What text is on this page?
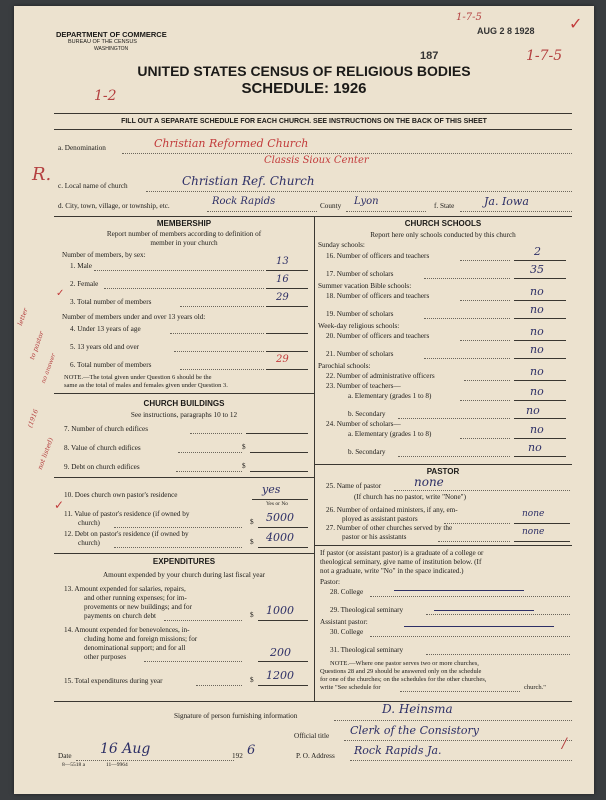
AUG 2 8 1928
187
1-7-5
1-7-5
1-2
✓
DEPARTMENT OF COMMERCE
BUREAU OF THE CENSUS
WASHINGTON
UNITED STATES CENSUS OF RELIGIOUS BODIES
SCHEDULE: 1926
FILL OUT A SEPARATE SCHEDULE FOR EACH CHURCH. SEE INSTRUCTIONS ON THE BACK OF THIS SHEET
a. Denomination	Christian Reformed Church
Classis Sioux Center
c. Local name of church	Christian Ref. Church
d. City, town, village, or township, etc.	Rock Rapids	County Lyon	f. State	Ja. Iowa
R.
MEMBERSHIP
Report number of members according to definition of
member in your church
Number of members, by sex:
1. Male	13
2. Female	16
3. Total number of members	29
Number of members under and over 13 years old:
4. Under 13 years of age
5. 13 years old and over
6. Total number of members	29
NOTE.—The total given under Question 6 should be the
same as the total of males and females given under Question 3.
letter
to pastor
no answer
(1916
not listed)
✓
✓
CHURCH BUILDINGS
See instructions, paragraphs 10 to 12
7. Number of church edifices
8. Value of church edifices	$
9. Debt on church edifices	$
10. Does church own pastor's residence	yes
Yes or No
11. Value of pastor's residence (if owned by
church)	$ 5000
12. Debt on pastor's residence (if owned by
church)	$ 4000
EXPENDITURES
Amount expended by your church during last fiscal year
13. Amount expended for salaries, repairs,
and other running expenses; for im-
provements or new buildings; and for
payments on church debt	$ 1000
14. Amount expended for benevolences, in-
cluding home and foreign missions; for
denominational support; and for all
other purposes	200
15. Total expenditures during year	$ 1200
CHURCH SCHOOLS
Report here only schools conducted by this church
Sunday schools:
16. Number of officers and teachers	2
17. Number of scholars	35
Summer vacation Bible schools:
18. Number of officers and teachers	no
19. Number of scholars	no
Week-day religious schools:
20. Number of officers and teachers	no
21. Number of scholars	no
Parochial schools:
22. Number of administrative officers	no
23. Number of teachers—
a. Elementary (grades 1 to 8)	no
b. Secondary	no
24. Number of scholars—
a. Elementary (grades 1 to 8)	no
b. Secondary	no
PASTOR
25. Name of pastor	none
(If church has no pastor, write "None")
26. Number of ordained ministers, if any, em-
ployed as assistant pastors	none
27. Number of other churches served by the
pastor or his assistants	none
If pastor (or assistant pastor) is a graduate of a college or
theological seminary, give name of institution below. (If
not a graduate, write "No" in the space indicated.)
Pastor:
28. College
29. Theological seminary
Assistant pastor:
30. College
31. Theological seminary
NOTE.—Where one pastor serves two or more churches,
Questions 28 and 29 should be answered only on the schedule
for one of the churches; on the schedules for the other churches,
write "See schedule for	church."
Signature of person furnishing information	D. Heinsma
Official title Clerk of the Consistory
Date 16 Aug	192 6	P. O. Address Rock Rapids Ja.
8—5518 a	11—9964
/
